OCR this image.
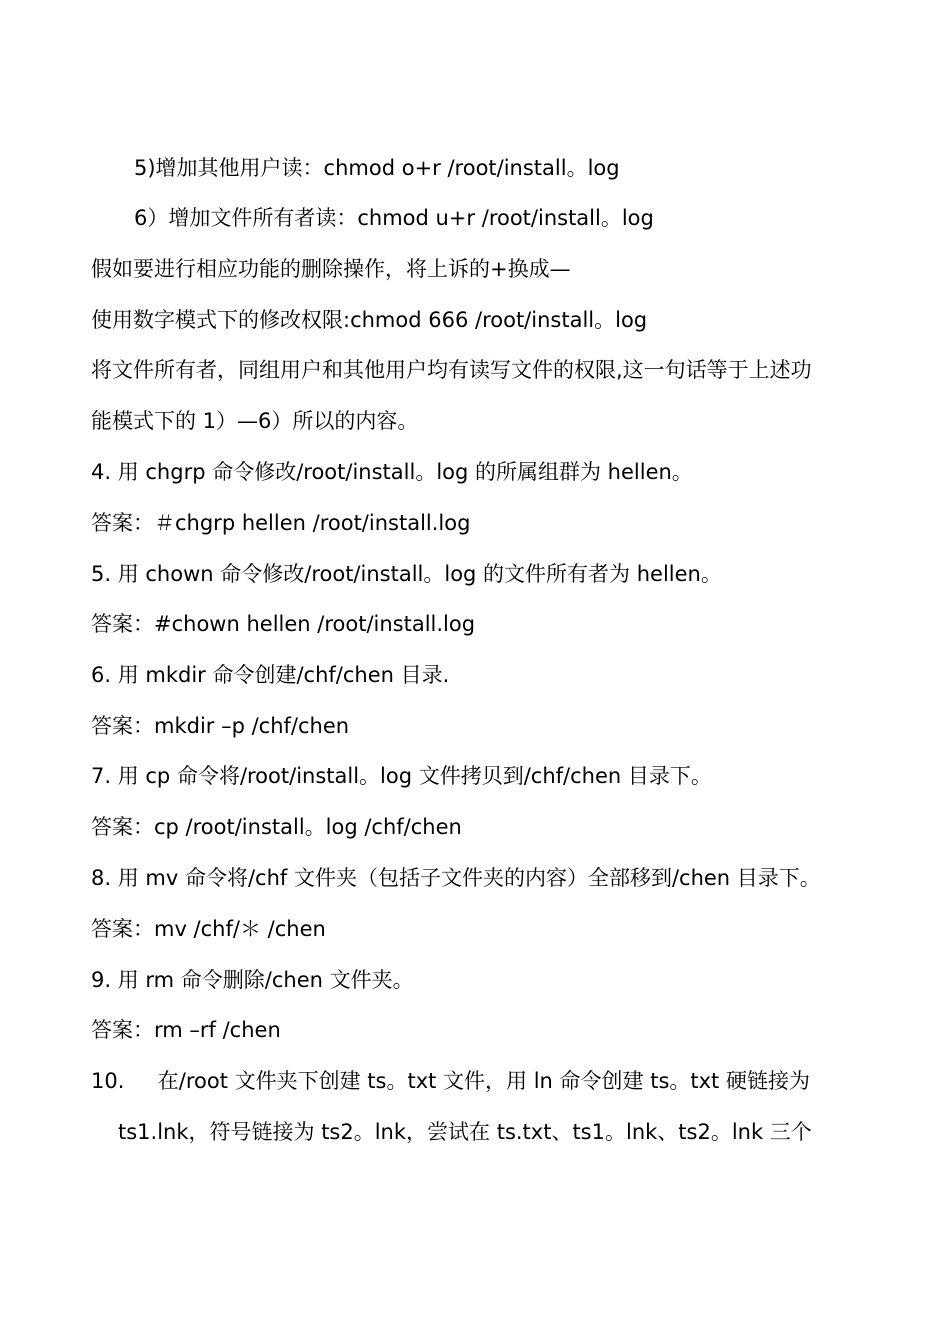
5)增加其他用户读：chmod o+r /root/install。log
6）增加文件所有者读：chmod u+r /root/install。log
假如要进行相应功能的删除操作，将上诉的+换成—
使用数字模式下的修改权限:chmod 666 /root/install。log
将文件所有者，同组用户和其他用户均有读写文件的权限,这一句话等于上述功
能模式下的 1）—6）所以的内容。
4. 用 chgrp 命令修改/root/install。log 的所属组群为 hellen。
答案：＃chgrp hellen /root/install.log
5. 用 chown 命令修改/root/install。log 的文件所有者为 hellen。
答案：#chown hellen /root/install.log
6. 用 mkdir 命令创建/chf/chen 目录.
答案：mkdir –p /chf/chen
7. 用 cp 命令将/root/install。log 文件拷贝到/chf/chen 目录下。
答案：cp /root/install。log /chf/chen
8. 用 mv 命令将/chf 文件夹（包括子文件夹的内容）全部移到/chen 目录下。
答案：mv /chf/＊ /chen
9. 用 rm 命令删除/chen 文件夹。
答案：rm –rf /chen
10.     在/root 文件夹下创建 ts。txt 文件，用 ln 命令创建 ts。txt 硬链接为
ts1.lnk，符号链接为 ts2。lnk，尝试在 ts.txt、ts1。lnk、ts2。lnk 三个
